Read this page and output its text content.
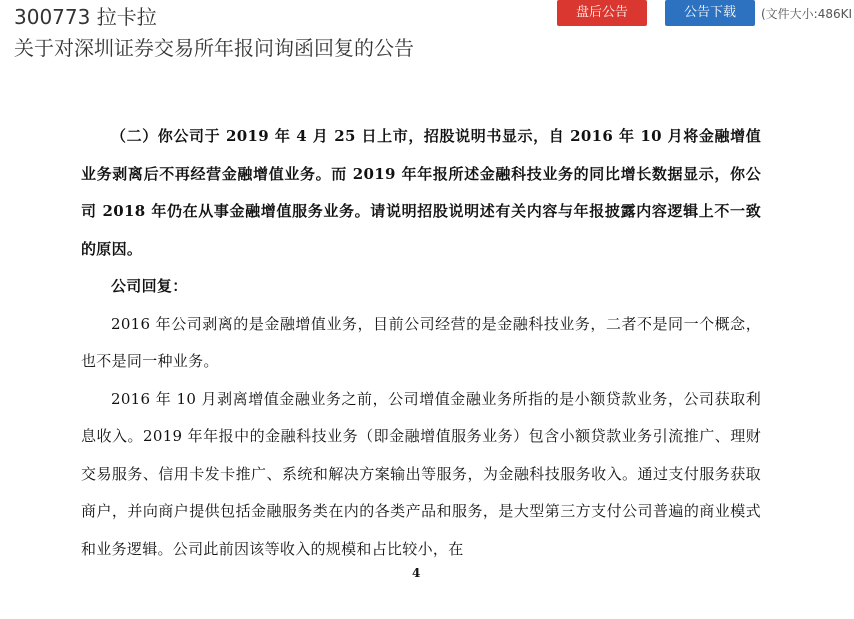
300773 拉卡拉
关于对深圳证券交易所年报问询函回复的公告
盘后公告	公告下载	(文件大小:486KI

（二）你公司于 2019 年 4 月 25 日上市，招股说明书显示，自 2016 年 10 月将金融增值业务剥离后不再经营金融增值业务。而 2019 年年报所述金融科技业务的同比增长数据显示，你公司 2018 年仍在从事金融增值服务业务。请说明招股说明述有关内容与年报披露内容逻辑上不一致的原因。

公司回复：

2016 年公司剥离的是金融增值业务，目前公司经营的是金融科技业务，二者不是同一个概念，也不是同一种业务。

2016 年 10 月剥离增值金融业务之前，公司增值金融业务所指的是小额贷款业务，公司获取利息收入。2019 年年报中的金融科技业务（即金融增值服务业务）包含小额贷款业务引流推广、理财交易服务、信用卡发卡推广、系统和解决方案输出等服务，为金融科技服务收入。通过支付服务获取商户，并向商户提供包括金融服务类在内的各类产品和服务，是大型第三方支付公司普遍的商业模式和业务逻辑。公司此前因该等收入的规模和占比较小，在

4
